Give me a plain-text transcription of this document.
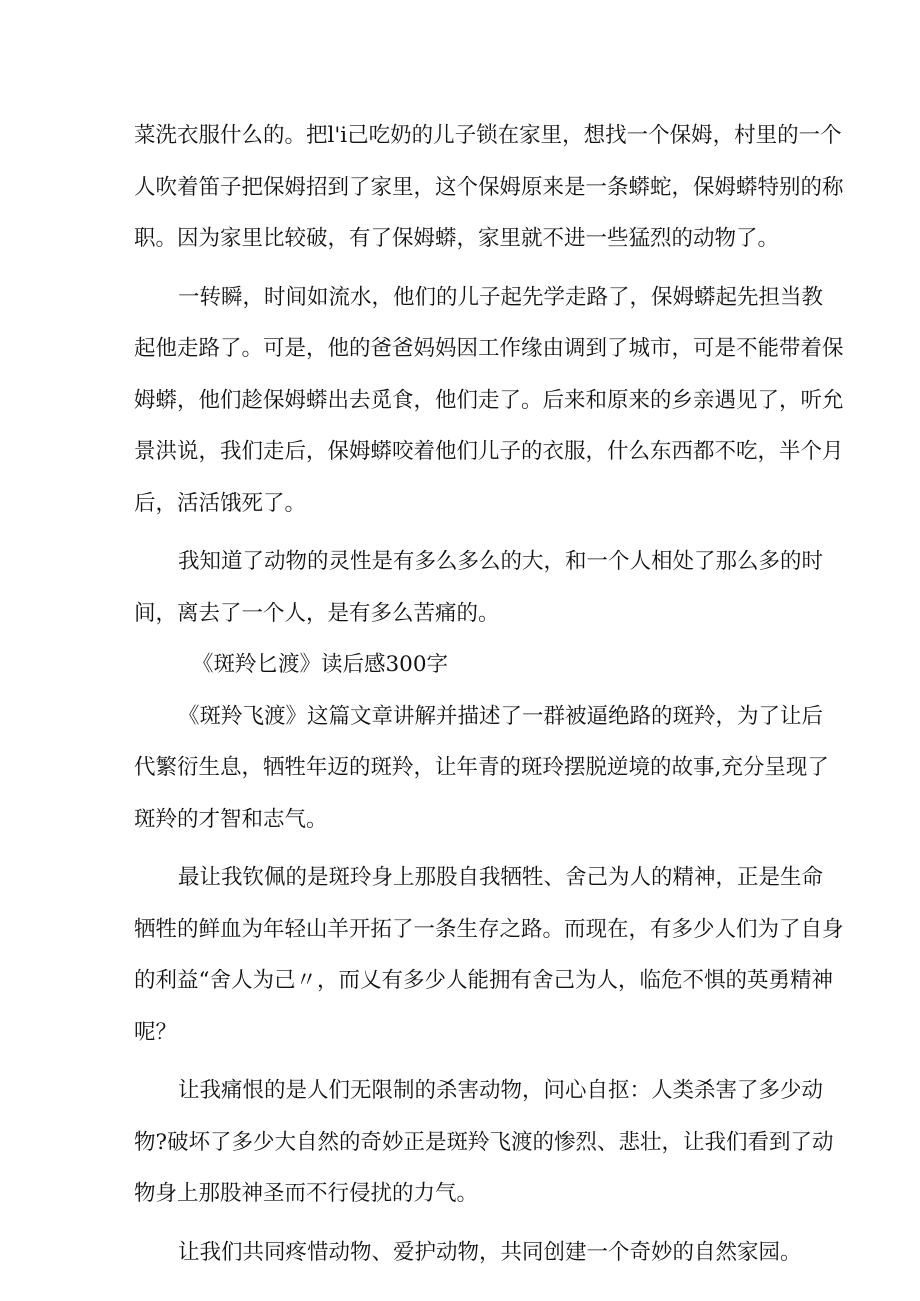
菜洗衣服什么的。把l'i己吃奶的儿子锁在家里，想找一个保姆，村里的一个
人吹着笛子把保姆招到了家里，这个保姆原来是一条蟒蛇，保姆蟒特别的称
职。因为家里比较破，有了保姆蟒，家里就不进一些猛烈的动物了。
一转瞬，时间如流水，他们的儿子起先学走路了，保姆蟒起先担当教
起他走路了。可是，他的爸爸妈妈因工作缘由调到了城市，可是不能带着保
姆蟒，他们趁保姆蟒出去觅食，他们走了。后来和原来的乡亲遇见了，听允
景洪说，我们走后，保姆蟒咬着他们儿子的衣服，什么东西都不吃，半个月
后，活活饿死了。
我知道了动物的灵性是有多么多么的大，和一个人相处了那么多的时
间，离去了一个人，是有多么苦痛的。
《斑羚匕渡》读后感300字
《斑羚飞渡》这篇文章讲解并描述了一群被逼绝路的斑羚，为了让后
代繁衍生息，牺牲年迈的斑羚，让年青的斑玲摆脱逆境的故事,充分呈现了
斑羚的才智和志气。
最让我钦佩的是斑玲身上那股自我牺牲、舍己为人的精神，正是生命
牺牲的鲜血为年轻山羊开拓了一条生存之路。而现在，有多少人们为了自身
的利益“舍人为己〃，而乂有多少人能拥有舍己为人，临危不惧的英勇精神
呢？
让我痛恨的是人们无限制的杀害动物，问心自抠：人类杀害了多少动
物?破坏了多少大自然的奇妙正是斑羚飞渡的惨烈、悲壮，让我们看到了动
物身上那股神圣而不行侵扰的力气。
让我们共同疼惜动物、爱护动物，共同创建一个奇妙的自然家园。
